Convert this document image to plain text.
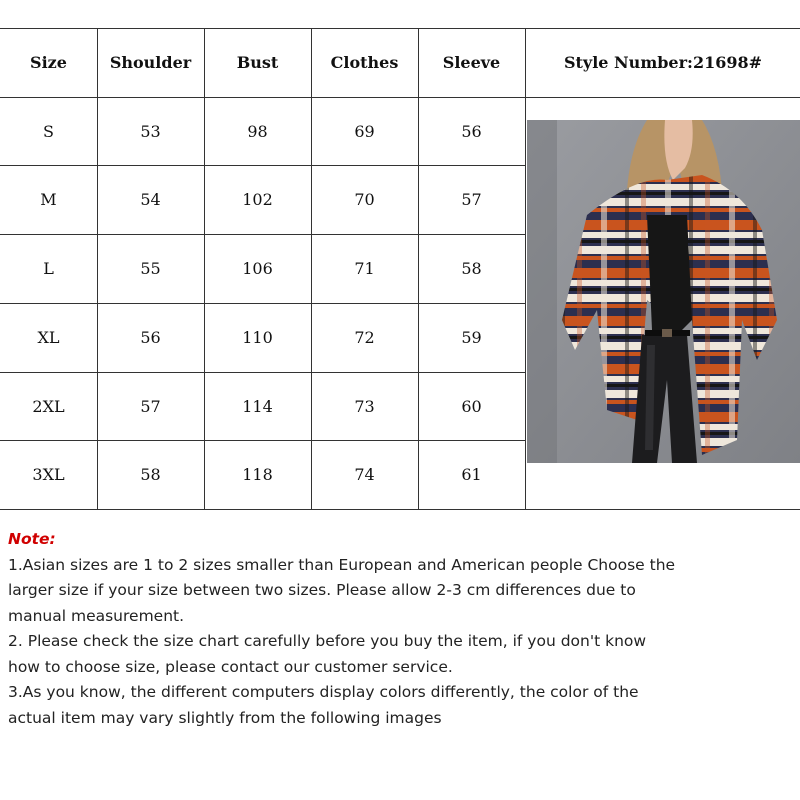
Size	Shoulder	Bust	Clothes	Sleeve	Style Number:21698#
S	53	98	69	56
M	54	102	70	57
L	55	106	71	58
XL	56	110	72	59
2XL	57	114	73	60
3XL	58	118	74	61
Note:
1.Asian sizes are 1 to 2 sizes smaller than European and American people Choose the larger size if your size between two sizes. Please allow 2-3 cm differences due to manual measurement.
2. Please check the size chart carefully before you buy the item, if you don't know how to choose size, please contact our customer service.
3.As you know, the different computers display colors differently, the color of the actual item may vary slightly from the following images
